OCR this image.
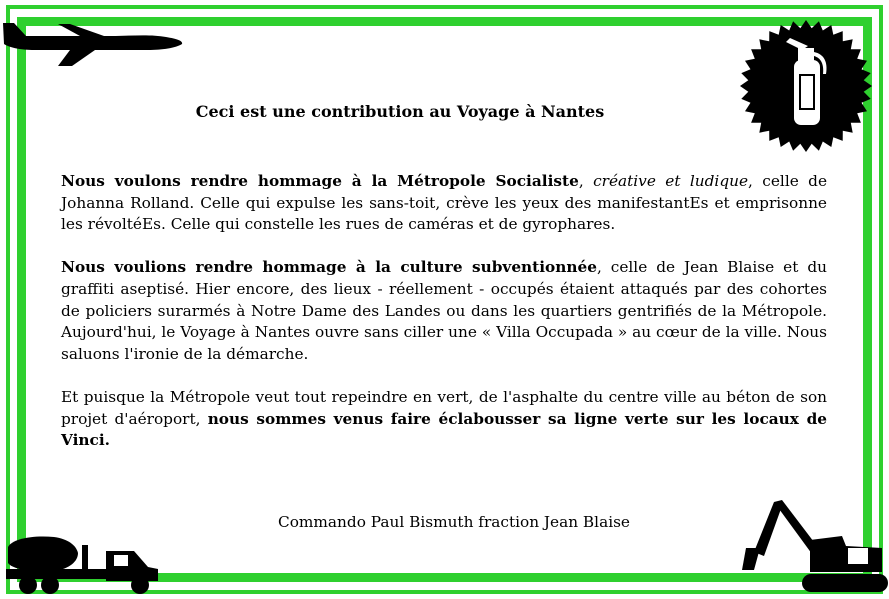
Ceci est une contribution au Voyage à Nantes

Nous voulons rendre hommage à la Métropole Socialiste, créative et ludique, celle de Johanna Rolland. Celle qui expulse les sans-toit, crève les yeux des manifestantEs et emprisonne les révoltéEs. Celle qui constelle les rues de caméras et de gyrophares.

Nous voulions rendre hommage à la culture subventionnée, celle de Jean Blaise et du graffiti aseptisé. Hier encore, des lieux - réellement - occupés étaient attaqués par des cohortes de policiers surarmés à Notre Dame des Landes ou dans les quartiers gentrifiés de la Métropole. Aujourd'hui, le Voyage à Nantes ouvre sans ciller une « Villa Occupada » au cœur de la ville. Nous saluons l'ironie de la démarche.

Et puisque la Métropole veut tout repeindre en vert, de l'asphalte du centre ville au béton de son projet d'aéroport, nous sommes venus faire éclabousser sa ligne verte sur les locaux de Vinci.

Commando Paul Bismuth fraction Jean Blaise
